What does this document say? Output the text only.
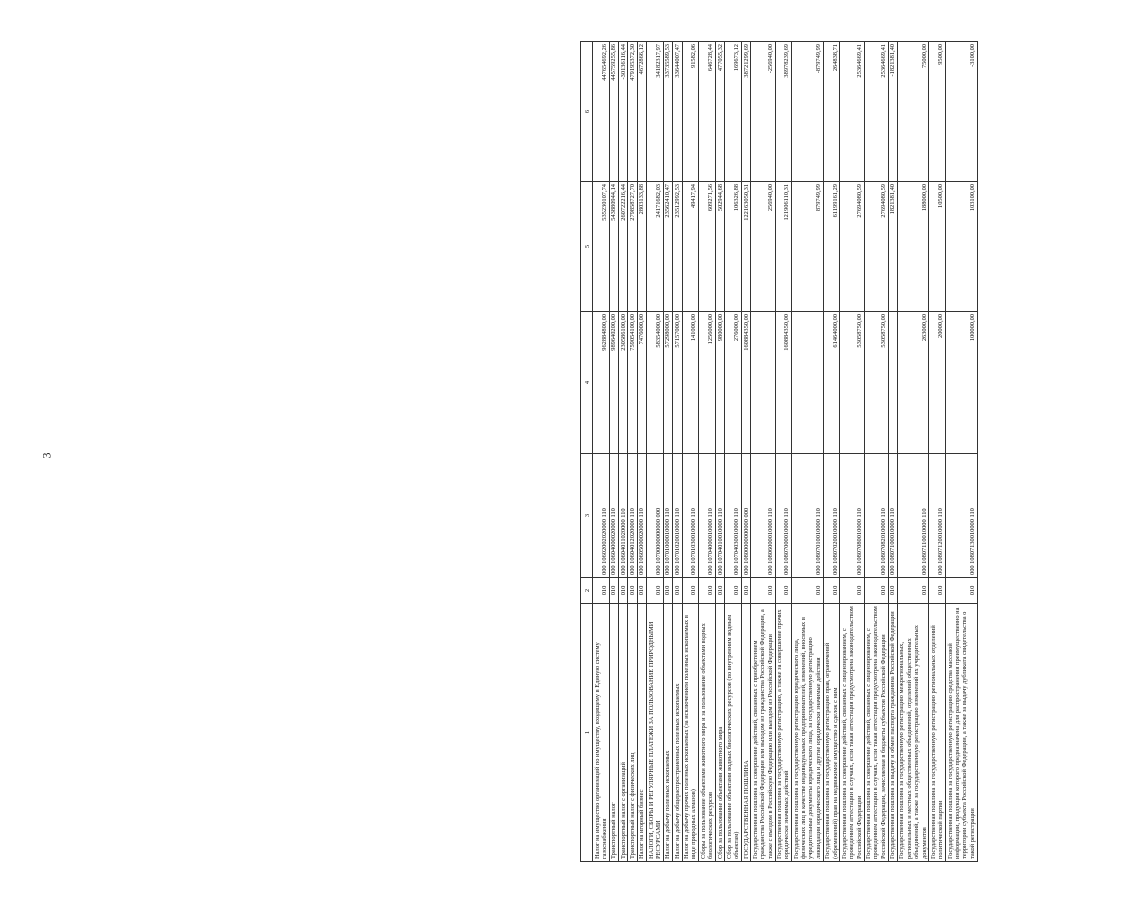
3
1	2	3	4	5	6
Налог на имущество организаций по имуществу, входящему в Единую систему газоснабжения	010	000 10602002020000 110	962884800,00	535230107,74	447654692,26
Транспортный налог	010	000 10604000020000 110	989640200,00	543880944,14	445759255,86
Транспортный налог с организаций	010	000 10604011020000 110	230586100,00	260722216,44	-30136116,44
Транспортный налог с физических лиц	010	000 10604012020000 110	759054100,00	279858727,70	479195372,30
Налог на игорный бизнес	010	000 10605000020000 110	7476000,00	2803133,88	4672866,12
НАЛОГИ, СБОРЫ И РЕГУЛЯРНЫЕ ПЛАТЕЖИ ЗА ПОЛЬЗОВАНИЕ ПРИРОДНЫМИ РЕСУРСАМИ	010	000 10700000000000 000	58354000,00	24171682,03	34182317,97
Налог на добычу полезных ископаемых	010	000 10701000010000 110	57298000,00	23562410,47	33735589,53
Налог на добычу общераспространенных полезных ископаемых	010	000 10701020010000 110	57157000,00	23512992,53	33644007,47
Налог на добычу прочих полезных ископаемых (за исключением полезных ископаемых в виде природных алмазов)	010	000 10701030010000 110	141000,00	49417,94	91582,06
Сборы за пользование объектами животного мира и за пользование объектами водных биологических ресурсов	010	000 10704000010000 110	1256000,00	609271,56	646728,44
Сбор за пользование объектами животного мира	010	000 10704010010000 110	980000,00	502944,68	477055,32
Сбор за пользование объектами водных биологических ресурсов (по внутренним водным объектам)	010	000 10704030010000 110	276000,00	106326,88	169673,12
ГОСУДАРСТВЕННАЯ ПОШЛИНА	010	000 10800000000000 000	160884350,00	122163050,31	38721299,69
Государственная пошлина за совершение действий, связанных с приобретением гражданства Российской Федерации или выходом из гражданства Российской Федерации, а также с въездом в Российскую Федерацию или выездом из Российской Федерации	010	000 10806000010000 110		256940,00	-256940,00
Государственная пошлина за государственную регистрацию, а также за совершение прочих юридически значимых действий	010	000 10807000010000 110	160884350,00	121906110,31	38978239,69
Государственная пошлина за государственную регистрацию юридического лица, физических лиц в качестве индивидуальных предпринимателей, изменений, вносимых в учредительные документы юридического лица, за государственную регистрацию ликвидации юридического лица и другие юридически значимые действия	010	000 10807010010000 110		879749,99	-879749,99
Государственная пошлина за государственную регистрацию прав, ограничений (обременений) прав на недвижимое имущество и сделок с ним	010	000 10807020010000 110	61464000,00	61199161,29	264838,71
Государственная пошлина за совершение действий, связанных с лицензированием, с проведением аттестации в случаях, если такая аттестация предусмотрена законодательством Российской Федерации	010	000 10807080010000 110	53058750,00	27694080,59	25364669,41
Государственная пошлина за совершение действий, связанных с лицензированием, с проведением аттестации в случаях, если такая аттестация предусмотрена законодательством Российской Федерации, зачисляемая в бюджеты субъектов Российской Федерации	010	000 10807082010000 110	53058750,00	27694080,59	25364669,41
Государственная пошлина за выдачу и обмен паспорта гражданина Российской Федерации	010	000 10807100010000 110		1821381,40	-1821381,40
Государственная пошлина за государственную регистрацию межрегиональных, региональных и местных общественных объединений, отделений общественных объединений, а также за государственную регистрацию изменений их учредительных документов	010	000 10807110010000 110	263000,00	188000,00	75000,00
Государственная пошлина за государственную регистрацию региональных отделений политической партии	010	000 10807120010000 110	20000,00	10500,00	9500,00
Государственная пошлина за государственную регистрацию средства массовой информации, продукция которого предназначена для распространения преимущественно на территории субъекта Российской Федерации, а также за выдачу дубликата свидетельства о такой регистрации	010	000 10807130010000 110	100000,00	103100,00	-3100,00
